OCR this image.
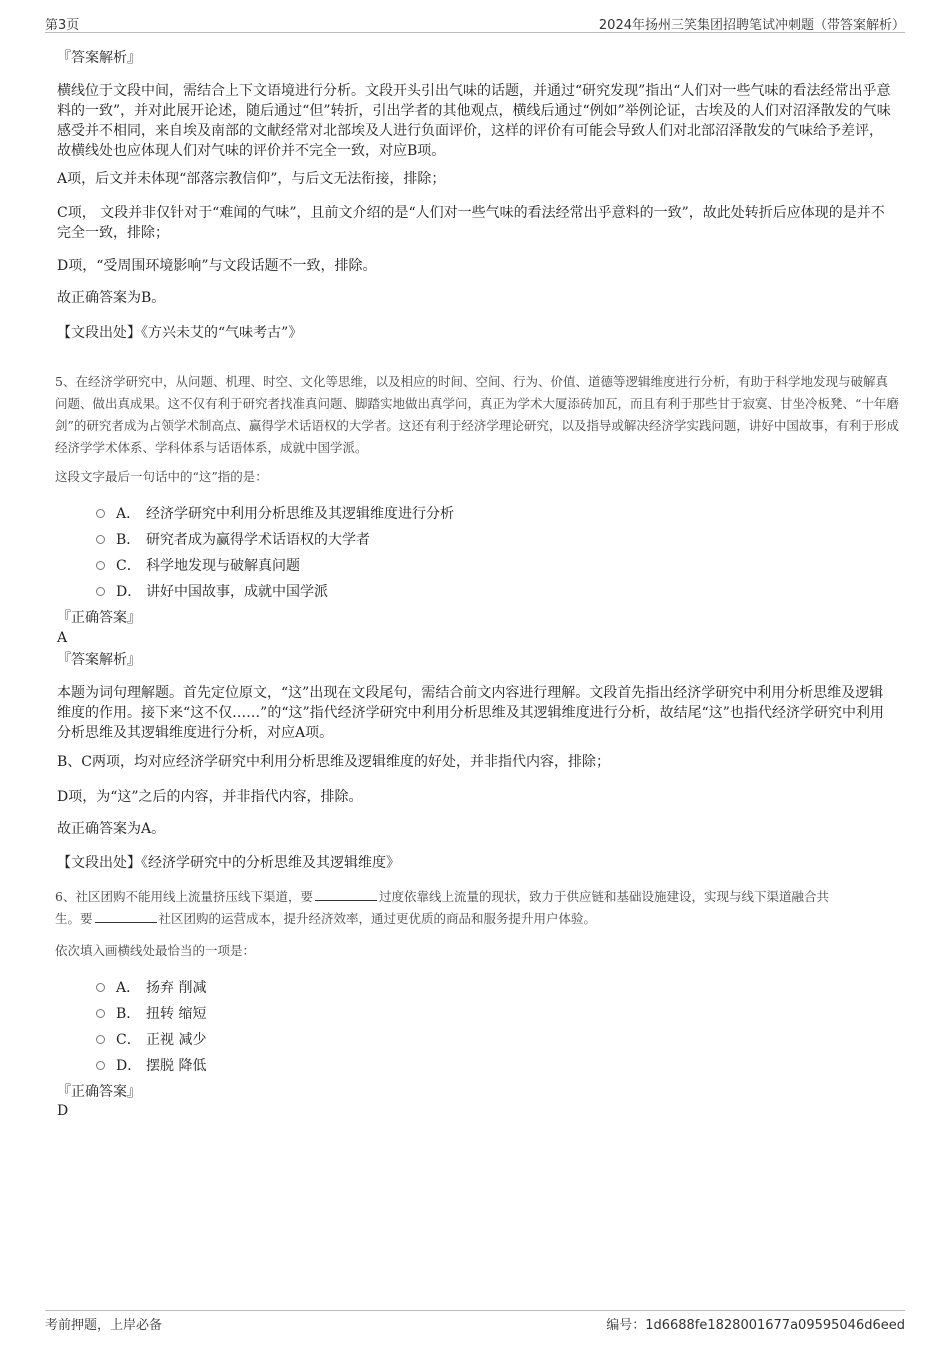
第3页	2024年扬州三笑集团招聘笔试冲刺题（带答案解析）
『答案解析』
横线位于文段中间，需结合上下文语境进行分析。文段开头引出气味的话题，并通过“研究发现”指出“人们对一些气味的看法经常出乎意料的一致”，并对此展开论述，随后通过“但”转折，引出学者的其他观点，横线后通过“例如”举例论证，古埃及的人们对沼泽散发的气味感受并不相同，来自埃及南部的文献经常对北部埃及人进行负面评价，这样的评价有可能会导致人们对北部沼泽散发的气味给予差评，故横线处也应体现人们对气味的评价并不完全一致，对应B项。
A项，后文并未体现“部落宗教信仰”，与后文无法衔接，排除；
C项， 文段并非仅针对于“难闻的气味”，且前文介绍的是“人们对一些气味的看法经常出乎意料的一致”，故此处转折后应体现的是并不完全一致，排除；
D项，“受周围环境影响”与文段话题不一致，排除。
故正确答案为B。
【文段出处】《方兴未艾的“气味考古”》
5、在经济学研究中，从问题、机理、时空、文化等思维，以及相应的时间、空间、行为、价值、道德等逻辑维度进行分析，有助于科学地发现与破解真问题、做出真成果。这不仅有利于研究者找准真问题、脚踏实地做出真学问，真正为学术大厦添砖加瓦，而且有利于那些甘于寂寞、甘坐冷板凳、“十年磨剑”的研究者成为占领学术制高点、赢得学术话语权的大学者。这还有利于经济学理论研究，以及指导或解决经济学实践问题，讲好中国故事，有利于形成经济学学术体系、学科体系与话语体系，成就中国学派。
这段文字最后一句话中的“这”指的是：
A． 经济学研究中利用分析思维及其逻辑维度进行分析
B． 研究者成为赢得学术话语权的大学者
C． 科学地发现与破解真问题
D． 讲好中国故事，成就中国学派
『正确答案』
A
『答案解析』
本题为词句理解题。首先定位原文，“这”出现在文段尾句，需结合前文内容进行理解。文段首先指出经济学研究中利用分析思维及逻辑维度的作用。接下来“这不仅……”的“这”指代经济学研究中利用分析思维及其逻辑维度进行分析，故结尾“这”也指代经济学研究中利用分析思维及其逻辑维度进行分析，对应A项。
B、C两项，均对应经济学研究中利用分析思维及逻辑维度的好处，并非指代内容，排除；
D项，为“这”之后的内容，并非指代内容，排除。
故正确答案为A。
【文段出处】《经济学研究中的分析思维及其逻辑维度》
6、社区团购不能用线上流量挤压线下渠道，要	过度依靠线上流量的现状，致力于供应链和基础设施建设，实现与线下渠道融合共
生。要	社区团购的运营成本，提升经济效率，通过更优质的商品和服务提升用户体验。
依次填入画横线处最恰当的一项是：
A． 扬弃 削减
B． 扭转 缩短
C． 正视 减少
D． 摆脱 降低
『正确答案』
D
考前押题，上岸必备	编号：1d6688fe1828001677a09595046d6eed
